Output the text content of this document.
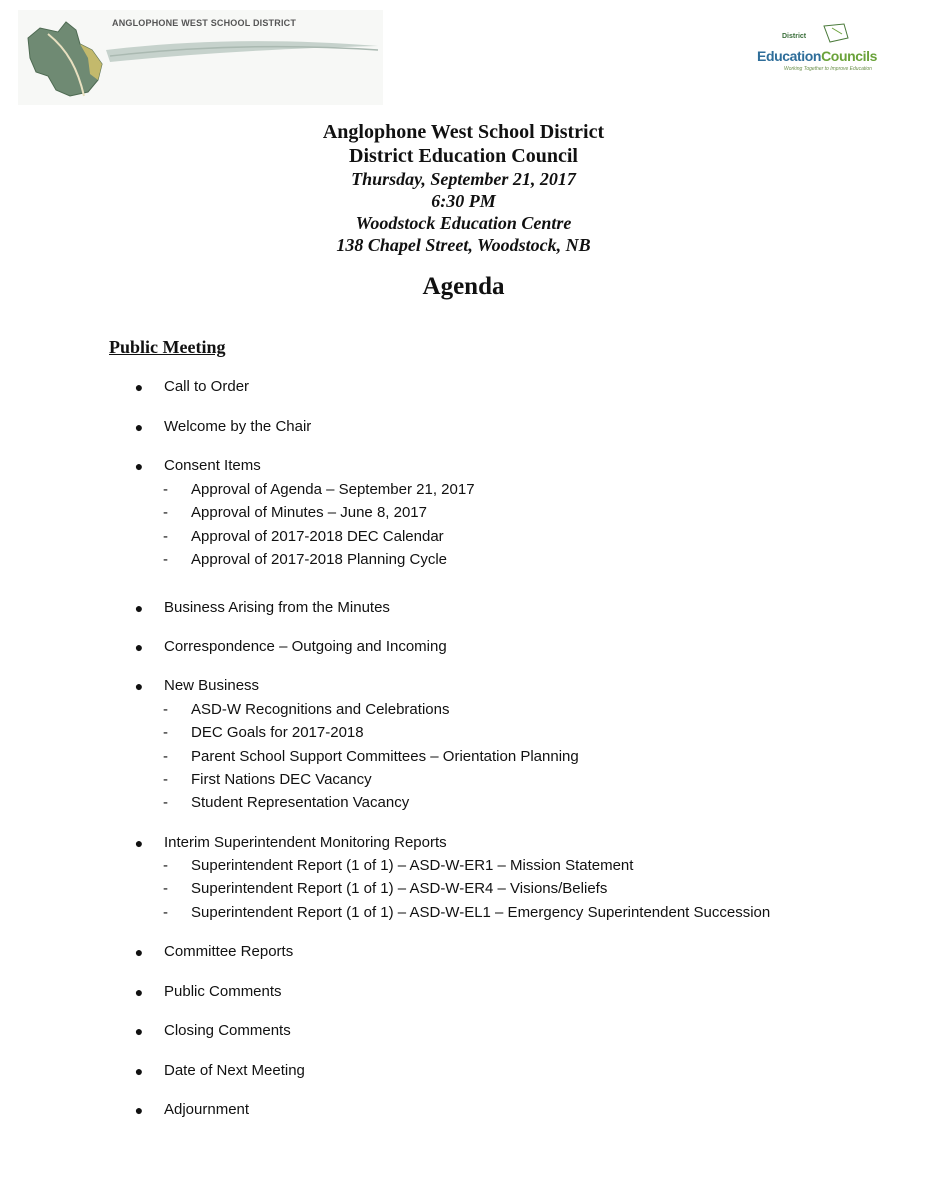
ANGLOPHONE WEST SCHOOL DISTRICT
District
EducationCouncils
Working Together to Improve Education
Anglophone West School District
District Education Council
Thursday, September 21, 2017
6:30 PM
Woodstock Education Centre
138 Chapel Street, Woodstock, NB
Agenda
Public Meeting
● Call to Order
● Welcome by the Chair
● Consent Items
- Approval of Agenda – September 21, 2017
- Approval of Minutes – June 8, 2017
- Approval of 2017-2018 DEC Calendar
- Approval of 2017-2018 Planning Cycle
● Business Arising from the Minutes
● Correspondence – Outgoing and Incoming
● New Business
- ASD-W Recognitions and Celebrations
- DEC Goals for 2017-2018
- Parent School Support Committees – Orientation Planning
- First Nations DEC Vacancy
- Student Representation Vacancy
● Interim Superintendent Monitoring Reports
- Superintendent Report (1 of 1) – ASD-W-ER1 – Mission Statement
- Superintendent Report (1 of 1) – ASD-W-ER4 – Visions/Beliefs
- Superintendent Report (1 of 1) – ASD-W-EL1 – Emergency Superintendent Succession
● Committee Reports
● Public Comments
● Closing Comments
● Date of Next Meeting
● Adjournment
